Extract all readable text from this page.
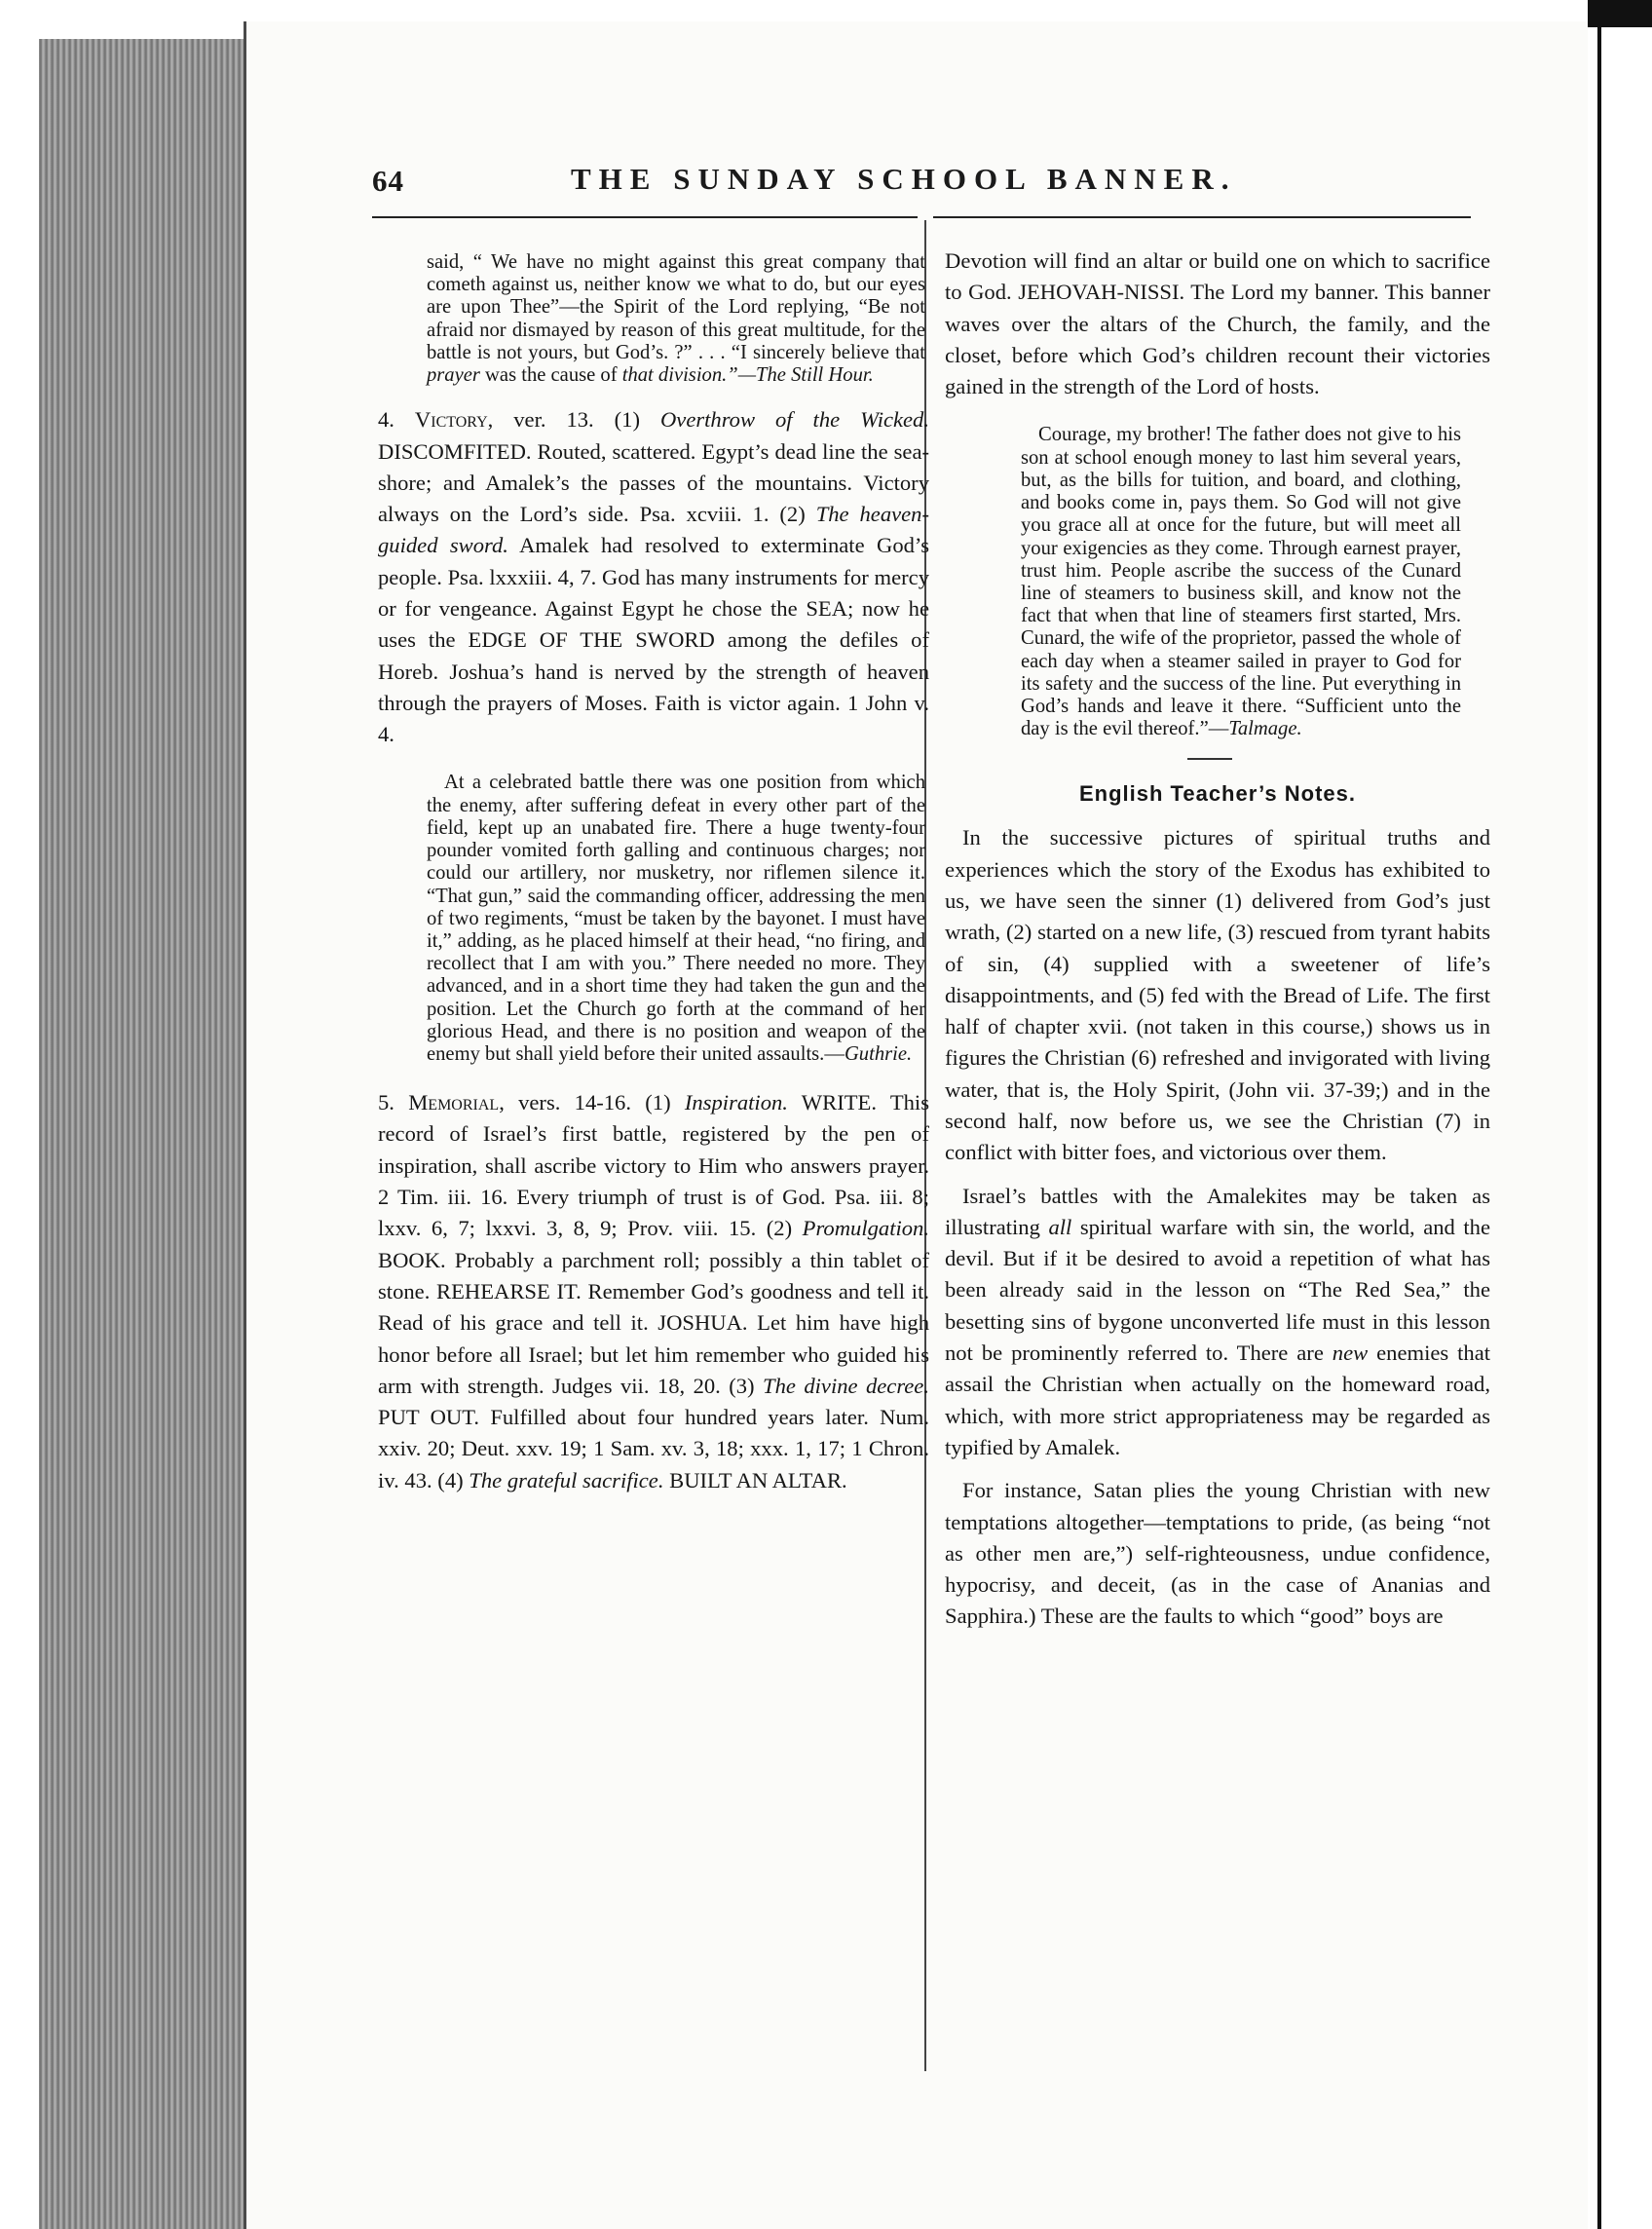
64	THE SUNDAY SCHOOL BANNER.

said, “ We have no might against this great company that cometh against us, neither know we what to do, but our eyes are upon Thee”—the Spirit of the Lord replying, “Be not afraid nor dismayed by reason of this great multitude, for the battle is not yours, but God’s. ?” . . . “I sincerely believe that prayer was the cause of that division.”—The Still Hour.

4. Victory, ver. 13. (1) Overthrow of the Wicked. DISCOMFITED. Routed, scattered. Egypt’s dead line the sea-shore; and Amalek’s the passes of the mountains. Victory always on the Lord’s side. Psa. xcviii. 1. (2) The heaven-guided sword. Amalek had resolved to exterminate God’s people. Psa. lxxxiii. 4, 7. God has many instruments for mercy or for vengeance. Against Egypt he chose the SEA; now he uses the EDGE OF THE SWORD among the defiles of Horeb. Joshua’s hand is nerved by the strength of heaven through the prayers of Moses. Faith is victor again. 1 John v. 4.

At a celebrated battle there was one position from which the enemy, after suffering defeat in every other part of the field, kept up an unabated fire. There a huge twenty-four pounder vomited forth galling and continuous charges; nor could our artillery, nor musketry, nor riflemen silence it. “That gun,” said the commanding officer, addressing the men of two regiments, “must be taken by the bayonet. I must have it,” adding, as he placed himself at their head, “no firing, and recollect that I am with you.” There needed no more. They advanced, and in a short time they had taken the gun and the position. Let the Church go forth at the command of her glorious Head, and there is no position and weapon of the enemy but shall yield before their united assaults.—Guthrie.

5. Memorial, vers. 14-16. (1) Inspiration. WRITE. This record of Israel’s first battle, registered by the pen of inspiration, shall ascribe victory to Him who answers prayer. 2 Tim. iii. 16. Every triumph of trust is of God. Psa. iii. 8; lxxv. 6, 7; lxxvi. 3, 8, 9; Prov. viii. 15. (2) Promulgation. BOOK. Probably a parchment roll; possibly a thin tablet of stone. REHEARSE IT. Remember God’s goodness and tell it. Read of his grace and tell it. JOSHUA. Let him have high honor before all Israel; but let him remember who guided his arm with strength. Judges vii. 18, 20. (3) The divine decree. PUT OUT. Fulfilled about four hundred years later. Num. xxiv. 20; Deut. xxv. 19; 1 Sam. xv. 3, 18; xxx. 1, 17; 1 Chron. iv. 43. (4) The grateful sacrifice. BUILT AN ALTAR.

Devotion will find an altar or build one on which to sacrifice to God. JEHOVAH-NISSI. The Lord my banner. This banner waves over the altars of the Church, the family, and the closet, before which God’s children recount their victories gained in the strength of the Lord of hosts.

Courage, my brother! The father does not give to his son at school enough money to last him several years, but, as the bills for tuition, and board, and clothing, and books come in, pays them. So God will not give you grace all at once for the future, but will meet all your exigencies as they come. Through earnest prayer, trust him. People ascribe the success of the Cunard line of steamers to business skill, and know not the fact that when that line of steamers first started, Mrs. Cunard, the wife of the proprietor, passed the whole of each day when a steamer sailed in prayer to God for its safety and the success of the line. Put everything in God’s hands and leave it there. “Sufficient unto the day is the evil thereof.”—Talmage.

English Teacher’s Notes.

In the successive pictures of spiritual truths and experiences which the story of the Exodus has exhibited to us, we have seen the sinner (1) delivered from God’s just wrath, (2) started on a new life, (3) rescued from tyrant habits of sin, (4) supplied with a sweetener of life’s disappointments, and (5) fed with the Bread of Life. The first half of chapter xvii. (not taken in this course,) shows us in figures the Christian (6) refreshed and invigorated with living water, that is, the Holy Spirit, (John vii. 37-39;) and in the second half, now before us, we see the Christian (7) in conflict with bitter foes, and victorious over them.

Israel’s battles with the Amalekites may be taken as illustrating all spiritual warfare with sin, the world, and the devil. But if it be desired to avoid a repetition of what has been already said in the lesson on “The Red Sea,” the besetting sins of bygone unconverted life must in this lesson not be prominently referred to. There are new enemies that assail the Christian when actually on the homeward road, which, with more strict appropriateness may be regarded as typified by Amalek.

For instance, Satan plies the young Christian with new temptations altogether—temptations to pride, (as being “not as other men are,”) self-righteousness, undue confidence, hypocrisy, and deceit, (as in the case of Ananias and Sapphira.) These are the faults to which “good” boys are
